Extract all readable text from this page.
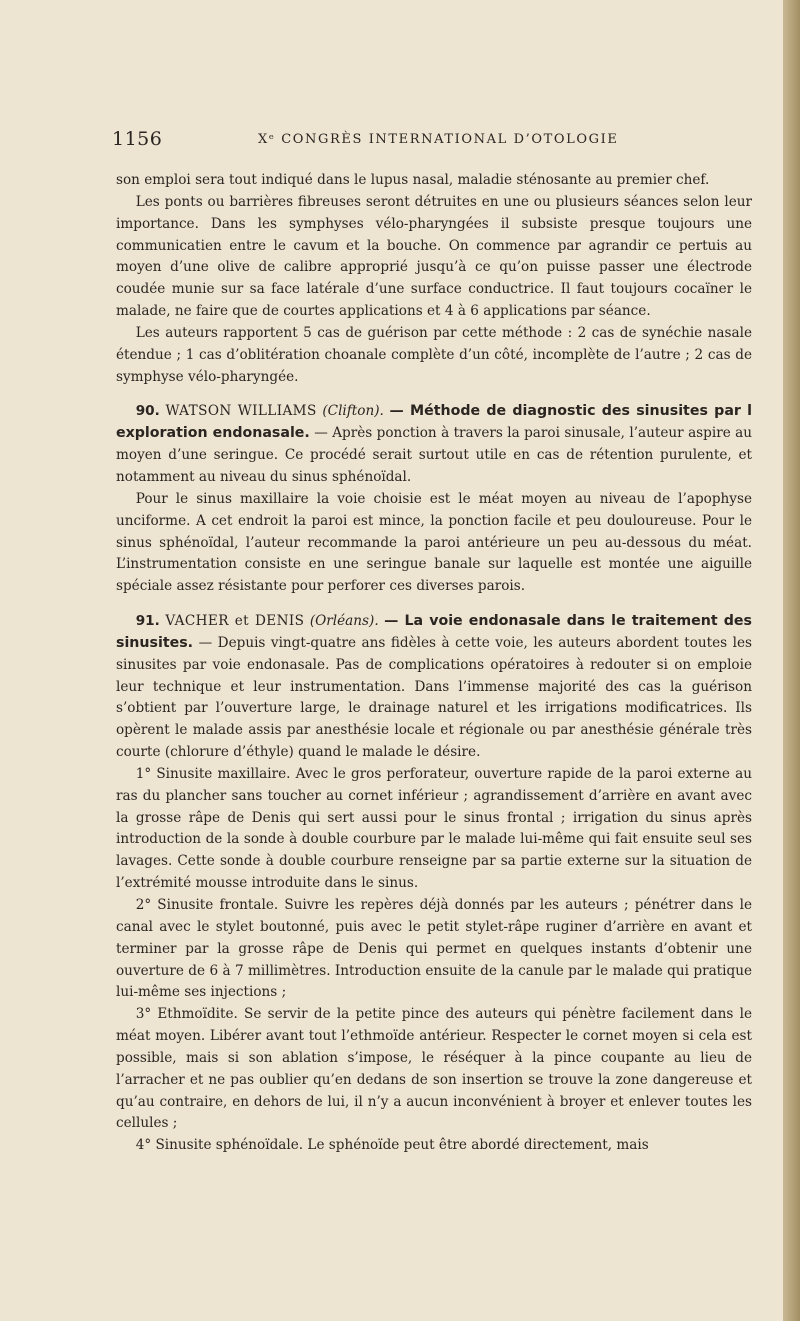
1156	Xᵉ CONGRÈS INTERNATIONAL D’OTOLOGIE

son emploi sera tout indiqué dans le lupus nasal, maladie sténosante au premier chef.

Les ponts ou barrières fibreuses seront détruites en une ou plusieurs séances selon leur importance. Dans les symphyses vélo-pharyngées il subsiste presque toujours une communicatien entre le cavum et la bouche. On commence par agrandir ce pertuis au moyen d’une olive de calibre approprié jusqu’à ce qu’on puisse passer une électrode coudée munie sur sa face latérale d’une surface conductrice. Il faut toujours cocaïner le malade, ne faire que de courtes applications et 4 à 6 applications par séance.

Les auteurs rapportent 5 cas de guérison par cette méthode : 2 cas de synéchie nasale étendue ; 1 cas d’oblitération choanale complète d’un côté, incomplète de l’autre ; 2 cas de symphyse vélo-pharyngée.

90. WATSON WILLIAMS (Clifton). — Méthode de diagnostic des sinusites par l exploration endonasale. — Après ponction à travers la paroi sinusale, l’auteur aspire au moyen d’une seringue. Ce procédé serait surtout utile en cas de rétention purulente, et notamment au niveau du sinus sphénoïdal.

Pour le sinus maxillaire la voie choisie est le méat moyen au niveau de l’apophyse unciforme. A cet endroit la paroi est mince, la ponction facile et peu douloureuse. Pour le sinus sphénoïdal, l’auteur recommande la paroi antérieure un peu au-dessous du méat. L’instrumentation consiste en une seringue banale sur laquelle est montée une aiguille spéciale assez résistante pour perforer ces diverses parois.

91. VACHER et DENIS (Orléans). — La voie endonasale dans le traitement des sinusites. — Depuis vingt-quatre ans fidèles à cette voie, les auteurs abordent toutes les sinusites par voie endonasale. Pas de complications opératoires à redouter si on emploie leur technique et leur instrumentation. Dans l’immense majorité des cas la guérison s’obtient par l’ouverture large, le drainage naturel et les irrigations modificatrices. Ils opèrent le malade assis par anesthésie locale et régionale ou par anesthésie générale très courte (chlorure d’éthyle) quand le malade le désire.

1° Sinusite maxillaire. Avec le gros perforateur, ouverture rapide de la paroi externe au ras du plancher sans toucher au cornet inférieur ; agrandissement d’arrière en avant avec la grosse râpe de Denis qui sert aussi pour le sinus frontal ; irrigation du sinus après introduction de la sonde à double courbure par le malade lui-même qui fait ensuite seul ses lavages. Cette sonde à double courbure renseigne par sa partie externe sur la situation de l’extrémité mousse introduite dans le sinus.

2° Sinusite frontale. Suivre les repères déjà donnés par les auteurs ; pénétrer dans le canal avec le stylet boutonné, puis avec le petit stylet-râpe ruginer d’arrière en avant et terminer par la grosse râpe de Denis qui permet en quelques instants d’obtenir une ouverture de 6 à 7 millimètres. Introduction ensuite de la canule par le malade qui pratique lui-même ses injections ;

3° Ethmoïdite. Se servir de la petite pince des auteurs qui pénètre facilement dans le méat moyen. Libérer avant tout l’ethmoïde antérieur. Respecter le cornet moyen si cela est possible, mais si son ablation s’impose, le réséquer à la pince coupante au lieu de l’arracher et ne pas oublier qu’en dedans de son insertion se trouve la zone dangereuse et qu’au contraire, en dehors de lui, il n’y a aucun inconvénient à broyer et enlever toutes les cellules ;

4° Sinusite sphénoïdale. Le sphénoïde peut être abordé directement, mais
